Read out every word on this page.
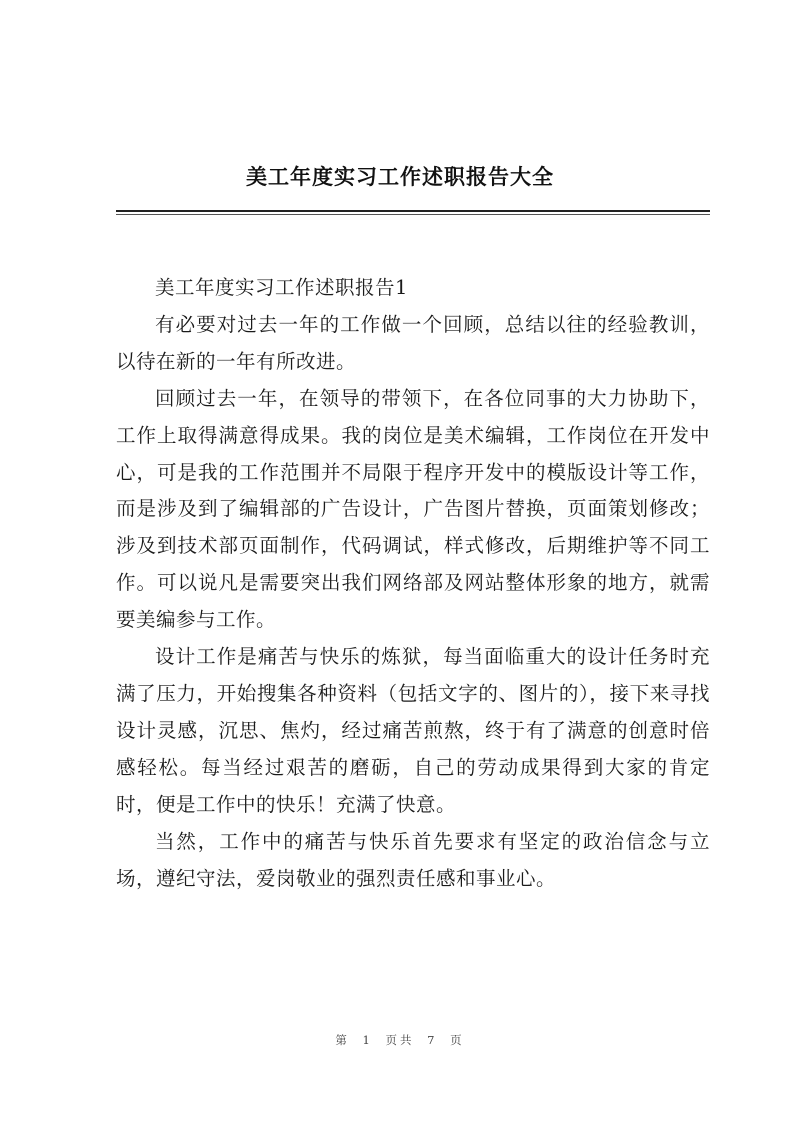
美工年度实习工作述职报告大全

美工年度实习工作述职报告1

有必要对过去一年的工作做一个回顾，总结以往的经验教训，以待在新的一年有所改进。

回顾过去一年，在领导的带领下，在各位同事的大力协助下，工作上取得满意得成果。我的岗位是美术编辑，工作岗位在开发中心，可是我的工作范围并不局限于程序开发中的模版设计等工作，而是涉及到了编辑部的广告设计，广告图片替换，页面策划修改；涉及到技术部页面制作，代码调试，样式修改，后期维护等不同工作。可以说凡是需要突出我们网络部及网站整体形象的地方，就需要美编参与工作。

设计工作是痛苦与快乐的炼狱，每当面临重大的设计任务时充满了压力，开始搜集各种资料（包括文字的、图片的），接下来寻找设计灵感，沉思、焦灼，经过痛苦煎熬，终于有了满意的创意时倍感轻松。每当经过艰苦的磨砺，自己的劳动成果得到大家的肯定时，便是工作中的快乐！充满了快意。

当然，工作中的痛苦与快乐首先要求有坚定的政治信念与立场，遵纪守法，爱岗敬业的强烈责任感和事业心。

第 1 页共 7 页
